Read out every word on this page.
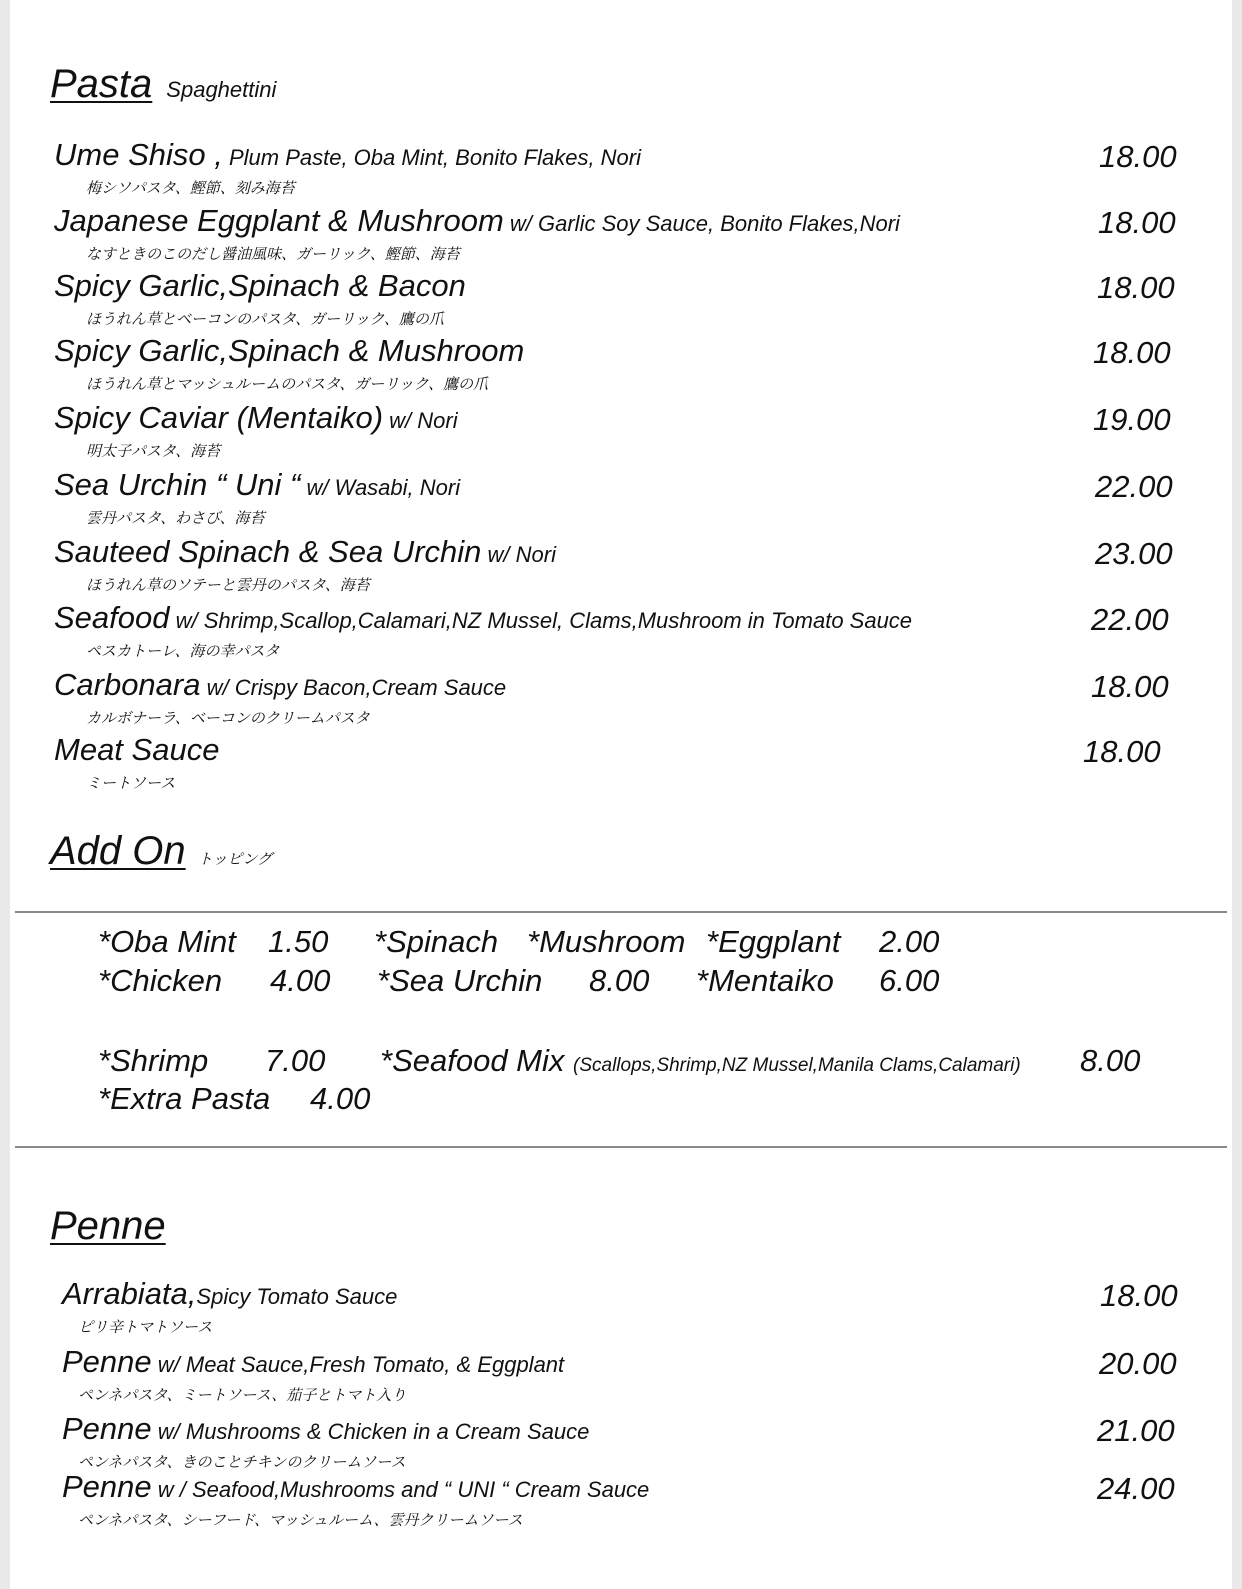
Pasta Spaghettini
Ume Shiso , Plum Paste, Oba Mint, Bonito Flakes, Nori
梅シソパスタ、鰹節、刻み海苔
18.00
Japanese Eggplant & Mushroom w/ Garlic Soy Sauce, Bonito Flakes,Nori
なすときのこのだし醤油風味、ガーリック、鰹節、海苔
18.00
Spicy Garlic,Spinach & Bacon
ほうれん草とベーコンのパスタ、ガーリック、鷹の爪
18.00
Spicy Garlic,Spinach & Mushroom
ほうれん草とマッシュルームのパスタ、ガーリック、鷹の爪
18.00
Spicy Caviar (Mentaiko) w/ Nori
明太子パスタ、海苔
19.00
Sea Urchin “ Uni “ w/ Wasabi, Nori
雲丹パスタ、わさび、海苔
22.00
Sauteed Spinach & Sea Urchin w/ Nori
ほうれん草のソテーと雲丹のパスタ、海苔
23.00
Seafood w/ Shrimp,Scallop,Calamari,NZ Mussel, Clams,Mushroom in Tomato Sauce
ペスカトーレ、海の幸パスタ
22.00
Carbonara w/ Crispy Bacon,Cream Sauce
カルボナーラ、ベーコンのクリームパスタ
18.00
Meat Sauce
ミートソース
18.00
Add On トッピング
*Oba Mint 1.50 *Spinach *Mushroom *Eggplant 2.00
*Chicken 4.00 *Sea Urchin 8.00 *Mentaiko 6.00
*Shrimp 7.00 *Seafood Mix (Scallops,Shrimp,NZ Mussel,Manila Clams,Calamari) 8.00
*Extra Pasta 4.00
Penne
Arrabiata,Spicy Tomato Sauce
ピリ辛トマトソース
18.00
Penne w/ Meat Sauce,Fresh Tomato, & Eggplant
ペンネパスタ、ミートソース、茄子とトマト入り
20.00
Penne w/ Mushrooms & Chicken in a Cream Sauce
ペンネパスタ、きのことチキンのクリームソース
21.00
Penne w / Seafood,Mushrooms and “ UNI “ Cream Sauce
ペンネパスタ、シーフード、マッシュルーム、雲丹クリームソース
24.00
